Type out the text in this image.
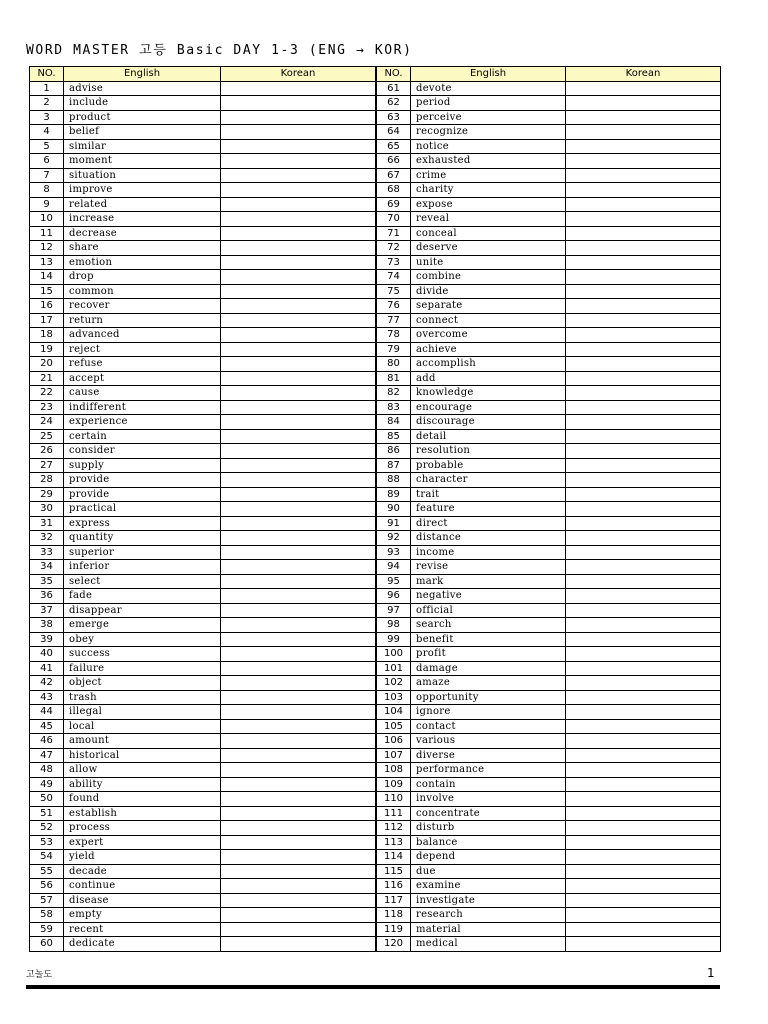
WORD MASTER 고등 Basic DAY 1-3 (ENG → KOR)
NO.	English	Korean
1	advise	
2	include	
3	product	
4	belief	
5	similar	
6	moment	
7	situation	
8	improve	
9	related	
10	increase	
11	decrease	
12	share	
13	emotion	
14	drop	
15	common	
16	recover	
17	return	
18	advanced	
19	reject	
20	refuse	
21	accept	
22	cause	
23	indifferent	
24	experience	
25	certain	
26	consider	
27	supply	
28	provide	
29	provide	
30	practical	
31	express	
32	quantity	
33	superior	
34	inferior	
35	select	
36	fade	
37	disappear	
38	emerge	
39	obey	
40	success	
41	failure	
42	object	
43	trash	
44	illegal	
45	local	
46	amount	
47	historical	
48	allow	
49	ability	
50	found	
51	establish	
52	process	
53	expert	
54	yield	
55	decade	
56	continue	
57	disease	
58	empty	
59	recent	
60	dedicate	
NO.	English	Korean
61	devote	
62	period	
63	perceive	
64	recognize	
65	notice	
66	exhausted	
67	crime	
68	charity	
69	expose	
70	reveal	
71	conceal	
72	deserve	
73	unite	
74	combine	
75	divide	
76	separate	
77	connect	
78	overcome	
79	achieve	
80	accomplish	
81	add	
82	knowledge	
83	encourage	
84	discourage	
85	detail	
86	resolution	
87	probable	
88	character	
89	trait	
90	feature	
91	direct	
92	distance	
93	income	
94	revise	
95	mark	
96	negative	
97	official	
98	search	
99	benefit	
100	profit	
101	damage	
102	amaze	
103	opportunity	
104	ignore	
105	contact	
106	various	
107	diverse	
108	performance	
109	contain	
110	involve	
111	concentrate	
112	disturb	
113	balance	
114	depend	
115	due	
116	examine	
117	investigate	
118	research	
119	material	
120	medical	
고놀도	1
